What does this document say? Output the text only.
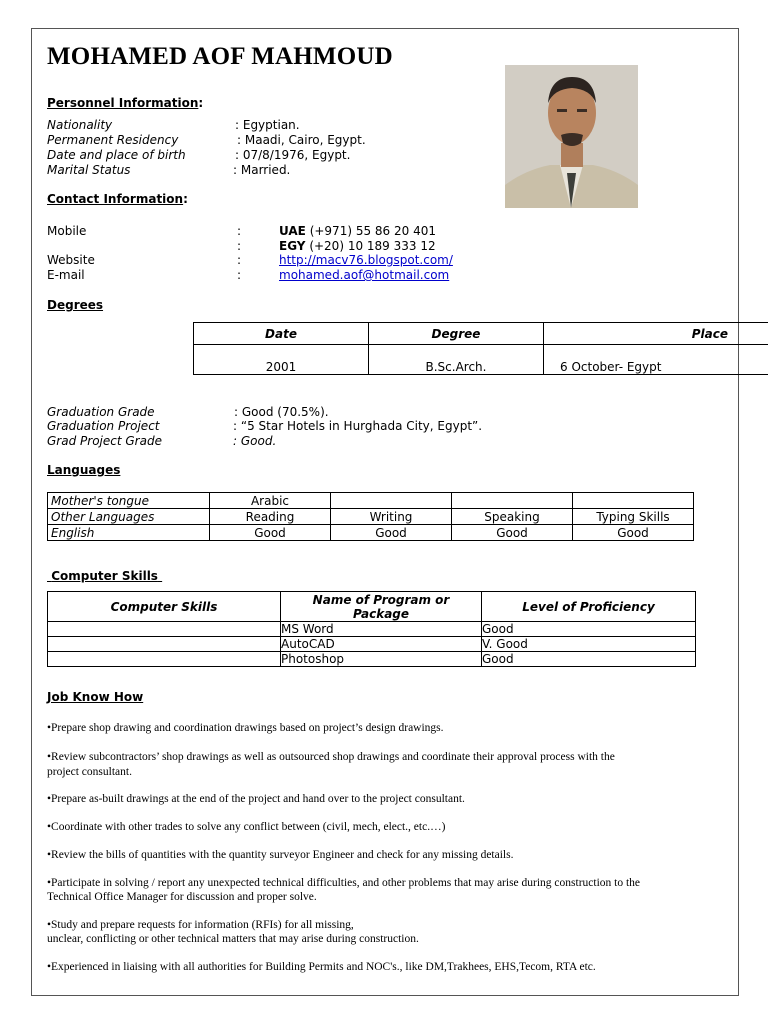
MOHAMED AOF MAHMOUD
Personnel Information:
Nationality	: Egyptian.
Permanent Residency	: Maadi, Cairo, Egypt.
Date and place of birth	: 07/8/1976, Egypt.
Marital Status	: Married.
Contact Information:
Mobile	:	UAE (+971) 55 86 20 401
:	EGY (+20) 10 189 333 12
Website	:	http://macv76.blogspot.com/
E-mail	:	mohamed.aof@hotmail.com
Degrees
Date	Degree	Place
2001	B.Sc.Arch.	6 October- Egypt
Graduation Grade	: Good (70.5%).
Graduation Project	: “5 Star Hotels in Hurghada City, Egypt”.
Grad Project Grade	: Good.
Languages
Mother's tongue	Arabic			
Other Languages	Reading	Writing	Speaking	Typing Skills
English	Good	Good	Good	Good
Computer Skills
Computer Skills	Name of Program or Package	Level of Proficiency
	MS Word	Good
	AutoCAD	V. Good
	Photoshop	Good
Job Know How
•Prepare shop drawing and coordination drawings based on project’s design drawings.
•Review subcontractors’ shop drawings as well as outsourced shop drawings and coordinate their approval process with the
project consultant.
•Prepare as-built drawings at the end of the project and hand over to the project consultant.
•Coordinate with other trades to solve any conflict between (civil, mech, elect., etc.…)
•Review the bills of quantities with the quantity surveyor Engineer and check for any missing details.
•Participate in solving / report any unexpected technical difficulties, and other problems that may arise during construction to the
Technical Office Manager for discussion and proper solve.
•Study and prepare requests for information (RFIs) for all missing,
unclear, conflicting or other technical matters that may arise during construction.
•Experienced in liaising with all authorities for Building Permits and NOC's., like DM,Trakhees, EHS,Tecom, RTA etc.
